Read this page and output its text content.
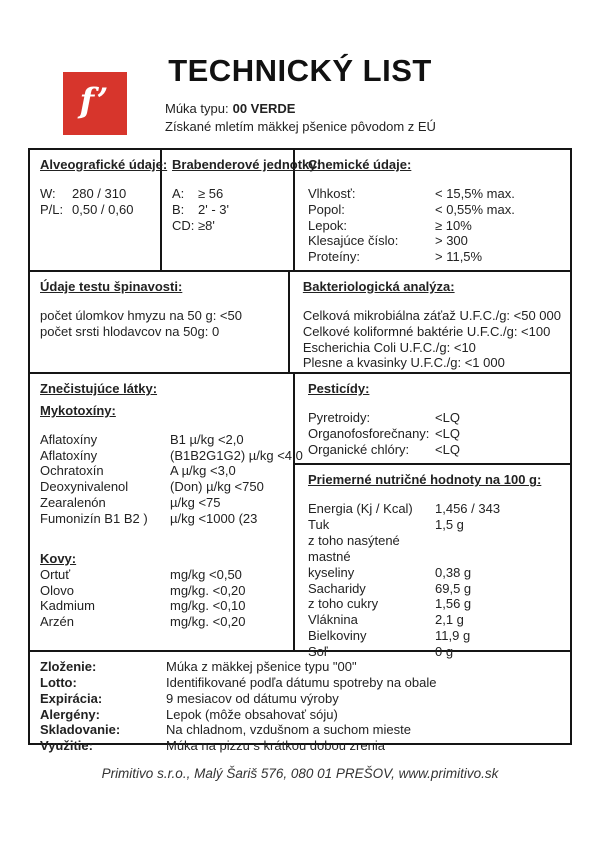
f’
TECHNICKÝ LIST
Múka typu: 00 VERDE
Získané mletím mäkkej pšenice pôvodom z EÚ
Alveografické údaje:
W:	280 / 310
P/L: 0,50 / 0,60
Brabenderové jednotky:
A:	≥ 56
B:	2' - 3'
CD: ≥8'
Chemické údaje:
Vlhkosť:	< 15,5% max.
Popol:	< 0,55% max.
Lepok:	≥ 10%
Klesajúce číslo:	> 300
Proteíny:	> 11,5%
Údaje testu špinavosti:
počet úlomkov hmyzu na 50 g: <50
počet srsti hlodavcov na 50g: 0
Bakteriologická analýza:
Celková mikrobiálna záťaž U.F.C./g: <50 000
Celkové koliformné baktérie U.F.C./g: <100
Escherichia Coli U.F.C./g: <10
Plesne a kvasinky U.F.C./g: <1 000
Znečistujúce látky:
Mykotoxíny:
Aflatoxíny	B1 µ/kg <2,0
Aflatoxíny	(B1B2G1G2) µ/kg <4,0
Ochratoxín	A µ/kg <3,0
Deoxynivalenol	(Don) µ/kg <750
Zearalenón	µ/kg <75
Fumonizín B1 B2 )	µ/kg <1000 (23
Kovy:
Ortuť	mg/kg <0,50
Olovo	mg/kg. <0,20
Kadmium	mg/kg. <0,10
Arzén	mg/kg. <0,20
Pesticídy:
Pyretroidy:	<LQ
Organofosforečnany: <LQ
Organické chlóry:	<LQ
Priemerné nutričné hodnoty na 100 g:
Energia (Kj / Kcal)	1,456 / 343
Tuk	1,5 g
z toho nasýtené mastné
kyseliny	0,38 g
Sacharidy	69,5 g
z toho cukry	1,56 g
Vláknina	2,1 g
Bielkoviny	11,9 g
Soľ	0 g
Zloženie:	Múka z mäkkej pšenice typu "00"
Lotto:	Identifikované podľa dátumu spotreby na obale
Expirácia:	9 mesiacov od dátumu výroby
Alergény:	Lepok (môže obsahovať sóju)
Skladovanie:	Na chladnom, vzdušnom a suchom mieste
Využitie:	Múka na pizzu s krátkou dobou zrenia
Primitivo s.r.o., Malý Šariš 576, 080 01 PREŠOV, www.primitivo.sk
